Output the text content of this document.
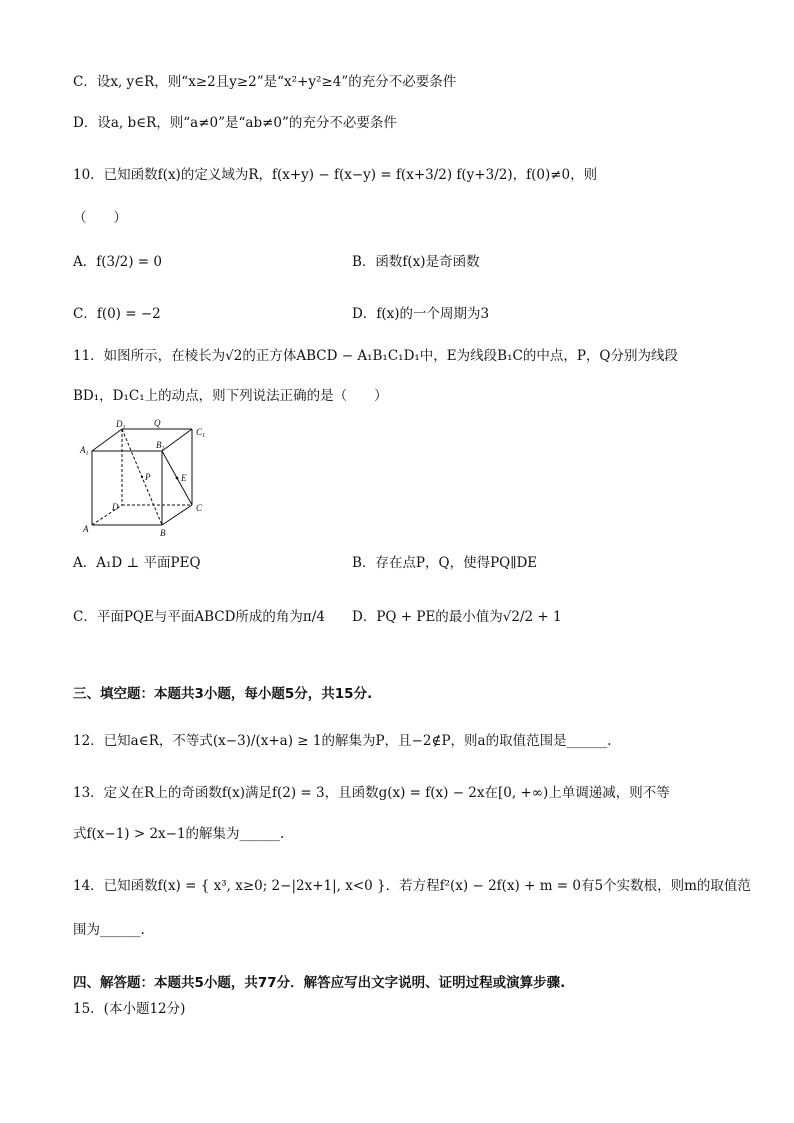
C．设x, y∈R，则“x≥2且y≥2”是“x²+y²≥4”的充分不必要条件
D．设a, b∈R，则“a≠0”是“ab≠0”的充分不必要条件
10．已知函数f(x)的定义域为R，f(x+y) − f(x−y) = f(x+3/2) f(y+3/2)，f(0)≠0，则
（　　）
A．f(3/2) = 0	B．函数f(x)是奇函数
C．f(0) = −2	D．f(x)的一个周期为3
11．如图所示，在棱长为√2的正方体ABCD − A₁B₁C₁D₁中，E为线段B₁C的中点，P，Q分别为线段
BD₁，D₁C₁上的动点，则下列说法正确的是（　　）
$A_1$
$D_1$	Q
$C_1$
$B_1$
P	E
D	C
A	B
A．A₁D ⊥ 平面PEQ	B．存在点P，Q，使得PQ∥DE
C．平面PQE与平面ABCD所成的角为π/4 D．PQ + PE的最小值为√2/2 + 1
三、填空题：本题共3小题，每小题5分，共15分.
12．已知a∈R，不等式(x−3)/(x+a) ≥ 1的解集为P，且−2∉P，则a的取值范围是______.
13．定义在R上的奇函数f(x)满足f(2) = 3，且函数g(x) = f(x) − 2x在[0, +∞)上单调递减，则不等
式f(x−1) > 2x−1的解集为______.
14．已知函数f(x) = { x³, x≥0; 2−|2x+1|, x<0 }．若方程f²(x) − 2f(x) + m = 0有5个实数根，则m的取值范
围为______.
四、解答题：本题共5小题，共77分．解答应写出文字说明、证明过程或演算步骤.
15．(本小题12分)
